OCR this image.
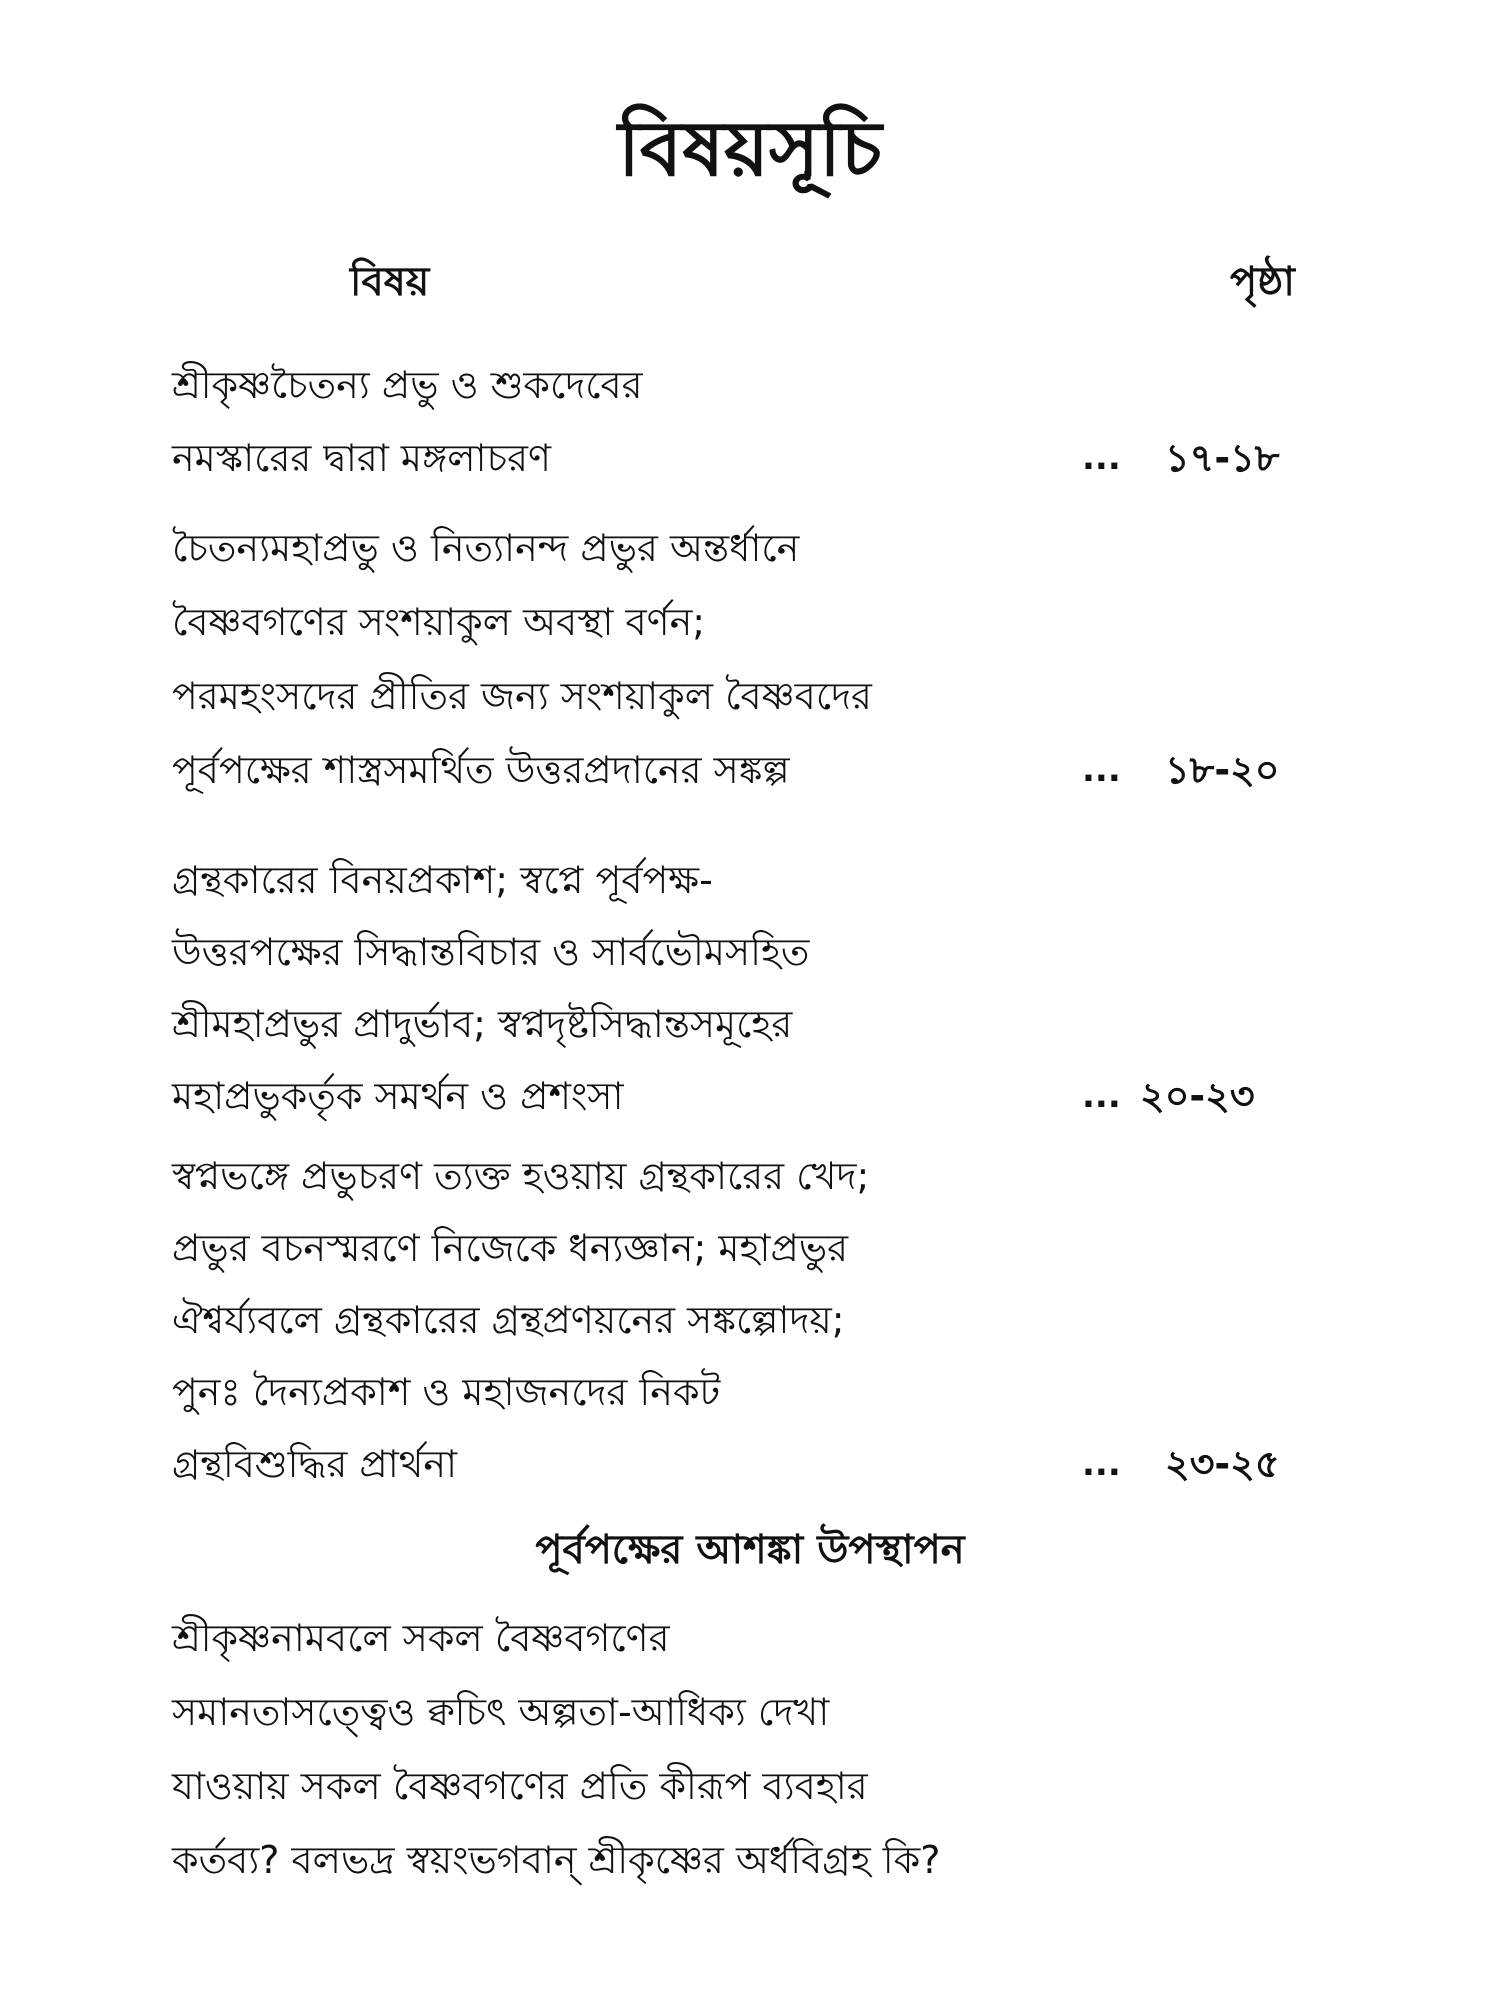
বিষয়সূচি
বিষয়	পৃষ্ঠা
শ্রীকৃষ্ণচৈতন্য প্রভু ও শুকদেবের
নমস্কারের দ্বারা মঙ্গলাচরণ	... ১৭-১৮
চৈতন্যমহাপ্রভু ও নিত্যানন্দ প্রভুর অন্তর্ধানে
বৈষ্ণবগণের সংশয়াকুল অবস্থা বর্ণন;
পরমহংসদের প্রীতির জন্য সংশয়াকুল বৈষ্ণবদের
পূর্বপক্ষের শাস্ত্রসমর্থিত উত্তরপ্রদানের সঙ্কল্প	... ১৮-২০
গ্রন্থকারের বিনয়প্রকাশ; স্বপ্নে পূর্বপক্ষ-
উত্তরপক্ষের সিদ্ধান্তবিচার ও সার্বভৌমসহিত
শ্রীমহাপ্রভুর প্রাদুর্ভাব; স্বপ্নদৃষ্টসিদ্ধান্তসমূহের
মহাপ্রভুকর্তৃক সমর্থন ও প্রশংসা	... ২০-২৩
স্বপ্নভঙ্গে প্রভুচরণ ত্যক্ত হওয়ায় গ্রন্থকারের খেদ;
প্রভুর বচনস্মরণে নিজেকে ধন্যজ্ঞান; মহাপ্রভুর
ঐশ্বর্য্যবলে গ্রন্থকারের গ্রন্থপ্রণয়নের সঙ্কল্পোদয়;
পুনঃ দৈন্যপ্রকাশ ও মহাজনদের নিকট
গ্রন্থবিশুদ্ধির প্রার্থনা	... ২৩-২৫
পূর্বপক্ষের আশঙ্কা উপস্থাপন
শ্রীকৃষ্ণনামবলে সকল বৈষ্ণবগণের
সমানতাসত্ত্বেও ক্বচিৎ অল্পতা-আধিক্য দেখা
যাওয়ায় সকল বৈষ্ণবগণের প্রতি কীরূপ ব্যবহার
কর্তব্য? বলভদ্র স্বয়ংভগবান্ শ্রীকৃষ্ণের অর্ধবিগ্রহ কি?
